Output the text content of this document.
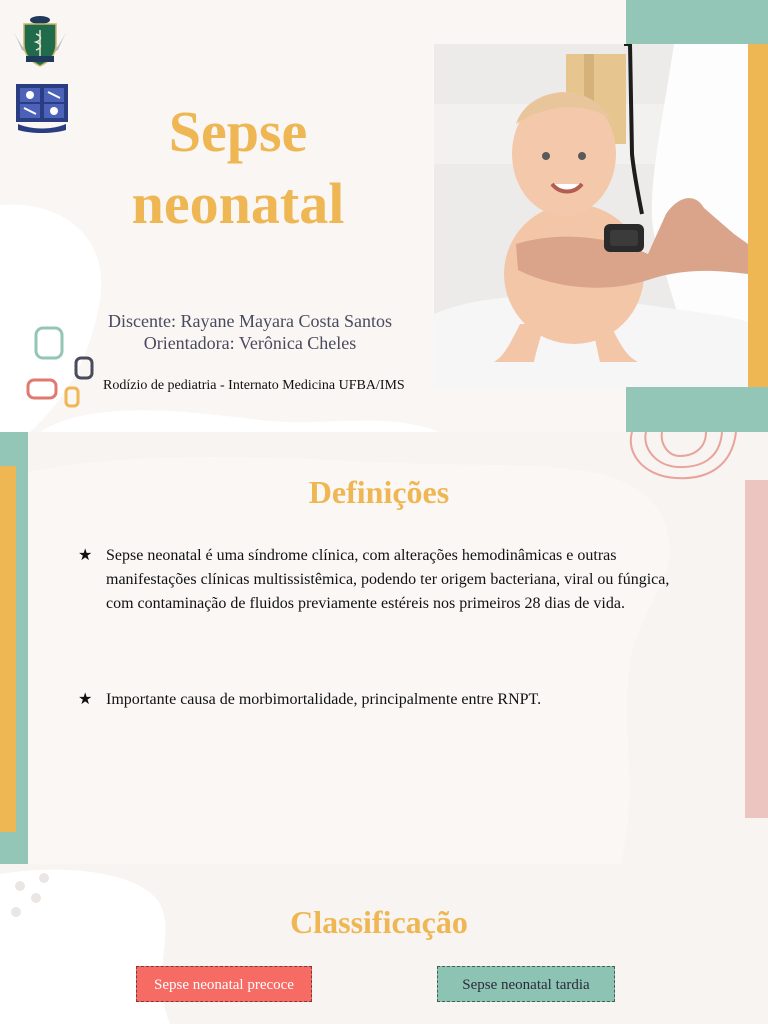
Sepse neonatal
Discente: Rayane Mayara Costa Santos
Orientadora: Verônica Cheles
Rodízio de pediatria - Internato Medicina UFBA/IMS
Definições
★ Sepse neonatal é uma síndrome clínica, com alterações hemodinâmicas e outras manifestações clínicas multissistêmica, podendo ter origem bacteriana, viral ou fúngica, com contaminação de fluidos previamente estéreis nos primeiros 28 dias de vida.
★ Importante causa de morbimortalidade, principalmente entre RNPT.
Classificação
Sepse neonatal precoce	Sepse neonatal tardia
